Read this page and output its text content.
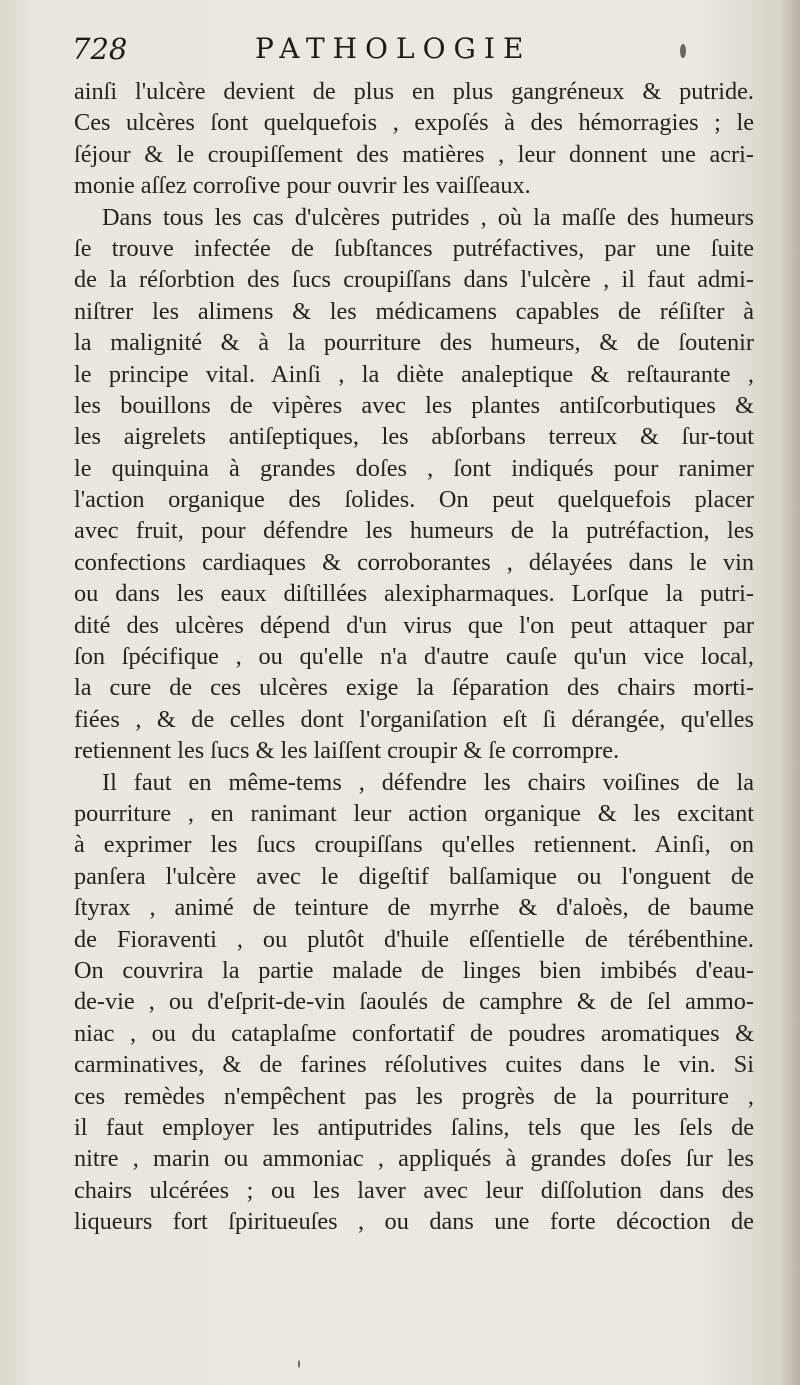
728	PATHOLOGIE
ainſi l'ulcère devient de plus en plus gangréneux & putride.
Ces ulcères ſont quelquefois , expoſés à des hémorragies ; le
ſéjour & le croupiſſement des matières , leur donnent une acri-
monie aſſez corroſive pour ouvrir les vaiſſeaux.
Dans tous les cas d'ulcères putrides , où la maſſe des humeurs
ſe trouve infectée de ſubſtances putréfactives, par une ſuite
de la réſorbtion des ſucs croupiſſans dans l'ulcère , il faut admi-
niſtrer les alimens & les médicamens capables de réſiſter à
la malignité & à la pourriture des humeurs, & de ſoutenir
le principe vital. Ainſi , la diète analeptique & reſtaurante ,
les bouillons de vipères avec les plantes antiſcorbutiques &
les aigrelets antiſeptiques, les abſorbans terreux & ſur-tout
le quinquina à grandes doſes , ſont indiqués pour ranimer
l'action organique des ſolides. On peut quelquefois placer
avec fruit, pour défendre les humeurs de la putréfaction, les
confections cardiaques & corroborantes , délayées dans le vin
ou dans les eaux diſtillées alexipharmaques. Lorſque la putri-
dité des ulcères dépend d'un virus que l'on peut attaquer par
ſon ſpécifique , ou qu'elle n'a d'autre cauſe qu'un vice local,
la cure de ces ulcères exige la ſéparation des chairs morti-
fiées , & de celles dont l'organiſation eſt ſi dérangée, qu'elles
retiennent les ſucs & les laiſſent croupir & ſe corrompre.
Il faut en même-tems , défendre les chairs voiſines de la
pourriture , en ranimant leur action organique & les excitant
à exprimer les ſucs croupiſſans qu'elles retiennent. Ainſi, on
panſera l'ulcère avec le digeſtif balſamique ou l'onguent de
ſtyrax , animé de teinture de myrrhe & d'aloès, de baume
de Fioraventi , ou plutôt d'huile eſſentielle de térébenthine.
On couvrira la partie malade de linges bien imbibés d'eau-
de-vie , ou d'eſprit-de-vin ſaoulés de camphre & de ſel ammo-
niac , ou du cataplaſme confortatif de poudres aromatiques &
carminatives, & de farines réſolutives cuites dans le vin. Si
ces remèdes n'empêchent pas les progrès de la pourriture ,
il faut employer les antiputrides ſalins, tels que les ſels de
nitre , marin ou ammoniac , appliqués à grandes doſes ſur les
chairs ulcérées ; ou les laver avec leur diſſolution dans des
liqueurs fort ſpiritueuſes , ou dans une forte décoction de
